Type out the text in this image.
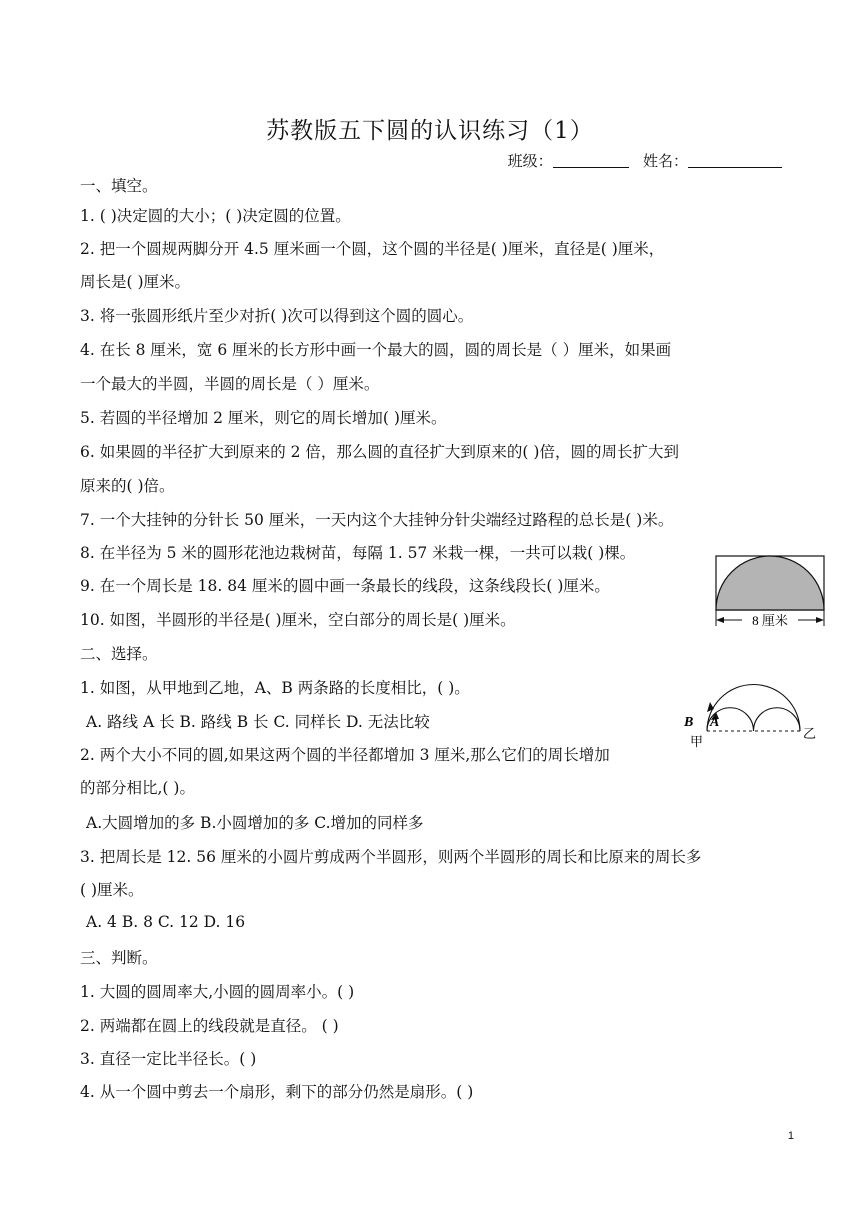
苏教版五下圆的认识练习（1）
班级：	姓名：
一、填空。
1. ( )决定圆的大小；( )决定圆的位置。
2. 把一个圆规两脚分开 4.5 厘米画一个圆，这个圆的半径是( )厘米，直径是( )厘米，
周长是( )厘米。
3. 将一张圆形纸片至少对折( )次可以得到这个圆的圆心。
4. 在长 8 厘米，宽 6 厘米的长方形中画一个最大的圆，圆的周长是（ ）厘米，如果画
一个最大的半圆，半圆的周长是（ ）厘米。
5. 若圆的半径增加 2 厘米，则它的周长增加( )厘米。
6. 如果圆的半径扩大到原来的 2 倍，那么圆的直径扩大到原来的( )倍，圆的周长扩大到
原来的( )倍。
7. 一个大挂钟的分针长 50 厘米，一天内这个大挂钟分针尖端经过路程的总长是( )米。
8. 在半径为 5 米的圆形花池边栽树苗，每隔 1. 57 米栽一棵，一共可以栽( )棵。
9. 在一个周长是 18. 84 厘米的圆中画一条最长的线段，这条线段长( )厘米。
10. 如图，半圆形的半径是( )厘米，空白部分的周长是( )厘米。
二、选择。
1. 如图，从甲地到乙地，A、B 两条路的长度相比，( )。
A. 路线 A 长 B. 路线 B 长 C. 同样长 D. 无法比较
2. 两个大小不同的圆,如果这两个圆的半径都增加 3 厘米,那么它们的周长增加
的部分相比,( )。
A.大圆增加的多 B.小圆增加的多 C.增加的同样多
3. 把周长是 12. 56 厘米的小圆片剪成两个半圆形，则两个半圆形的周长和比原来的周长多
( )厘米。
A. 4 B. 8 C. 12 D. 16
三、判断。
1. 大圆的圆周率大,小圆的圆周率小。( )
2. 两端都在圆上的线段就是直径。 ( )
3. 直径一定比半径长。( )
4. 从一个圆中剪去一个扇形，剩下的部分仍然是扇形。( )
8 厘米
B A
甲
乙
1
